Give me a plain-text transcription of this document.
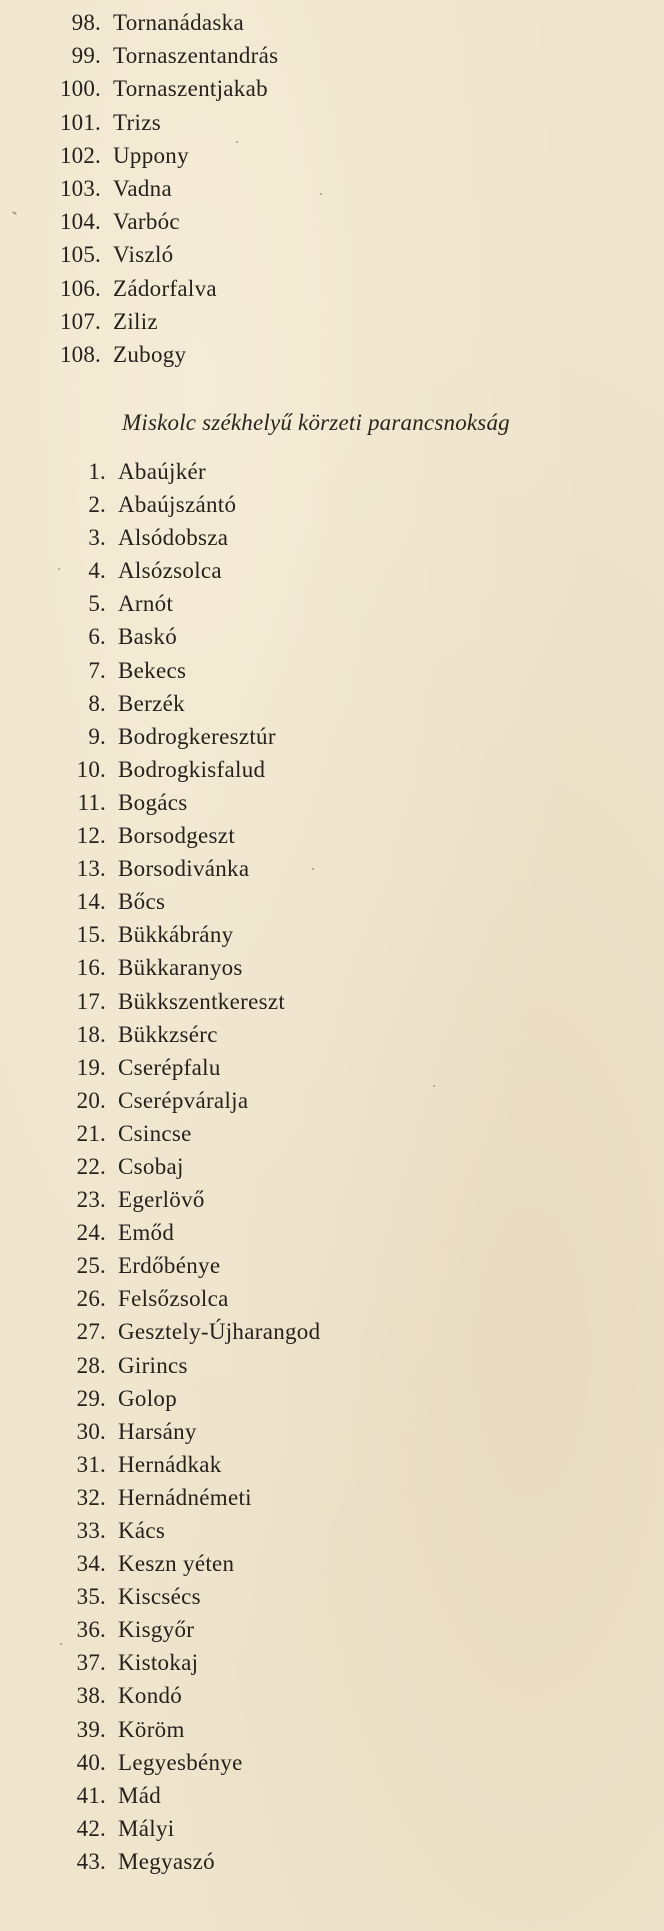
98. Tornanádaska
99. Tornaszentandrás
100. Tornaszentjakab
101. Trizs
102. Uppony
103. Vadna
104. Varbóc
105. Viszló
106. Zádorfalva
107. Ziliz
108. Zubogy
Miskolc székhelyű körzeti parancsnokság
1. Abaújkér
2. Abaújszántó
3. Alsódobsza
4. Alsózsolca
5. Arnót
6. Baskó
7. Bekecs
8. Berzék
9. Bodrogkeresztúr
10. Bodrogkisfalud
11. Bogács
12. Borsodgeszt
13. Borsodivánka
14. Bőcs
15. Bükkábrány
16. Bükkaranyos
17. Bükkszentkereszt
18. Bükkzsérc
19. Cserépfalu
20. Cserépváralja
21. Csincse
22. Csobaj
23. Egerlövő
24. Emőd
25. Erdőbénye
26. Felsőzsolca
27. Gesztely-Újharangod
28. Girincs
29. Golop
30. Harsány
31. Hernádkak
32. Hernádnémeti
33. Kács
34. Keszn yéten
35. Kiscsécs
36. Kisgyőr
37. Kistokaj
38. Kondó
39. Köröm
40. Legyesbénye
41. Mád
42. Mályi
43. Megyaszó
